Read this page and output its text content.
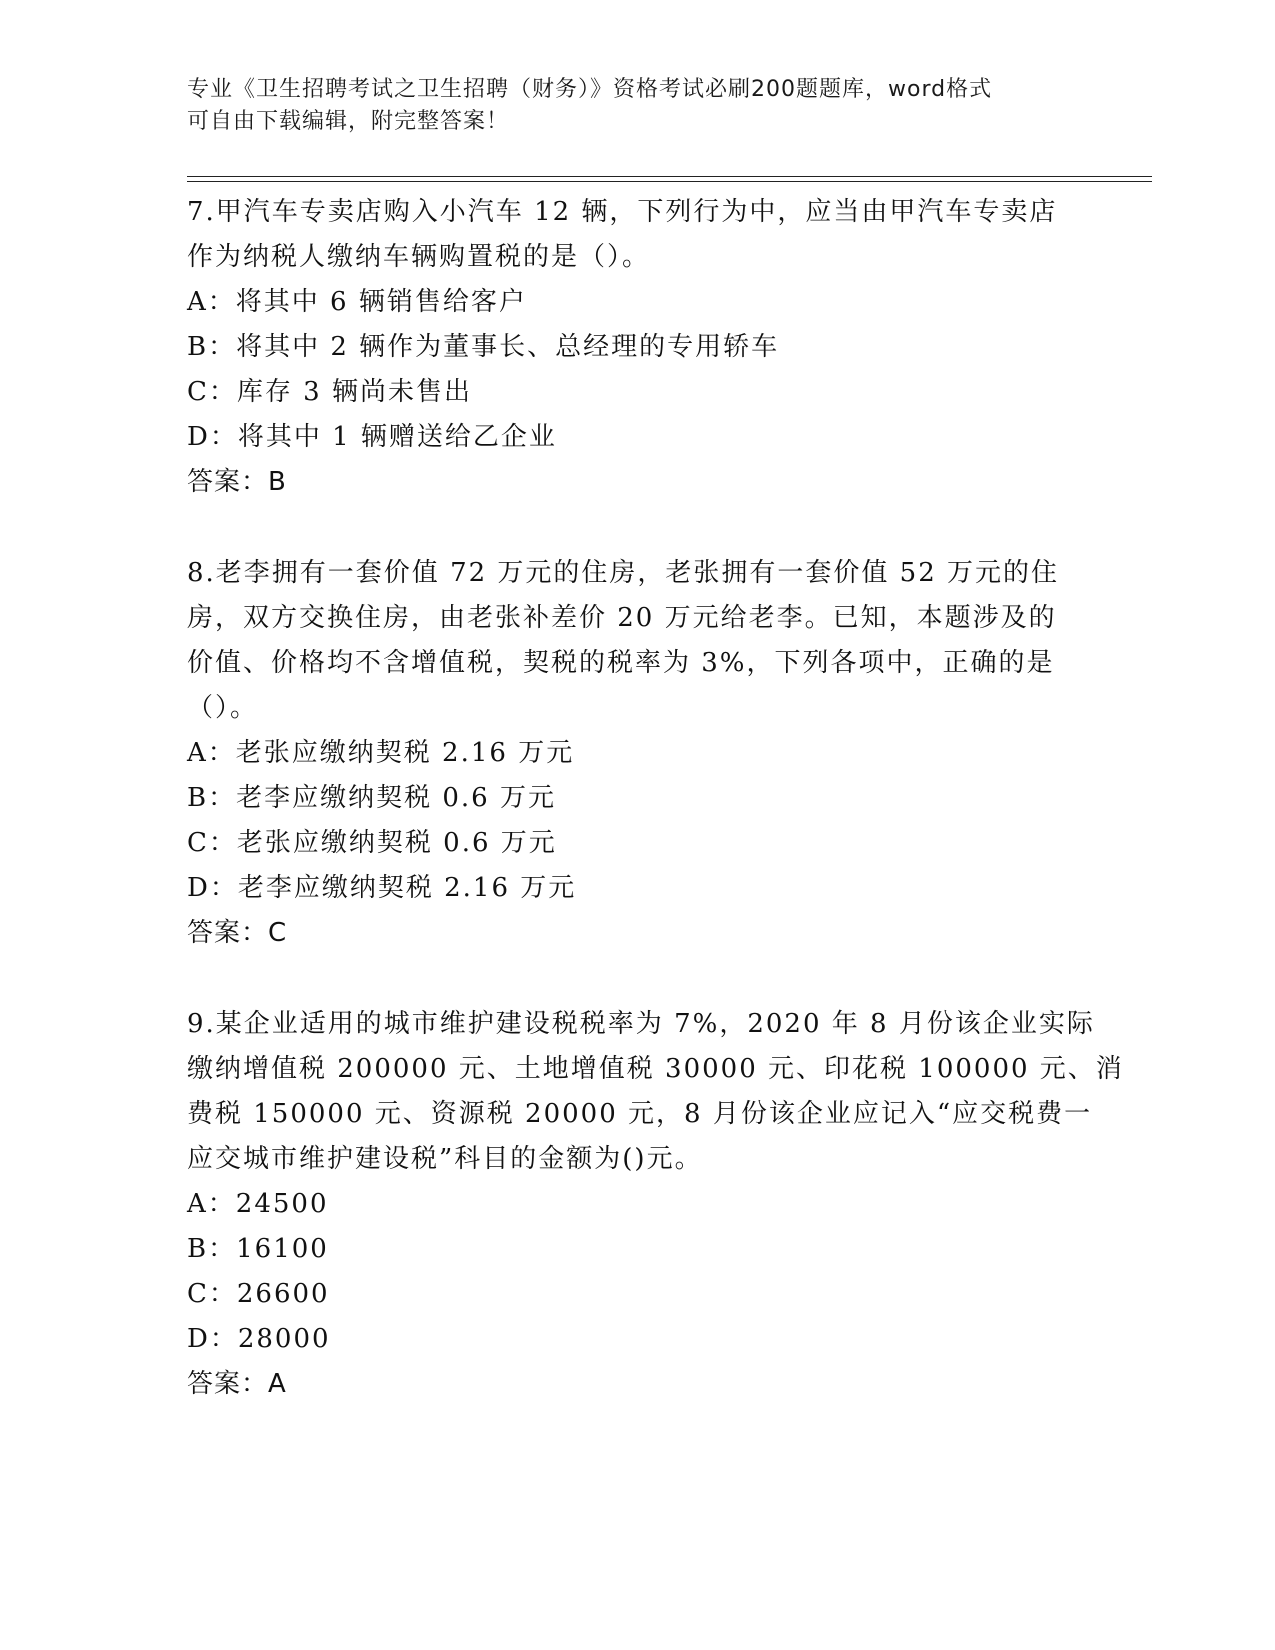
专业《卫生招聘考试之卫生招聘（财务）》资格考试必刷200题题库，word格式
可自由下载编辑，附完整答案！
7.甲汽车专卖店购入小汽车 12 辆，下列行为中，应当由甲汽车专卖店
作为纳税人缴纳车辆购置税的是（）。
A：将其中 6 辆销售给客户
B：将其中 2 辆作为董事长、总经理的专用轿车
C：库存 3 辆尚未售出
D：将其中 1 辆赠送给乙企业
答案：B
8.老李拥有一套价值 72 万元的住房，老张拥有一套价值 52 万元的住
房，双方交换住房，由老张补差价 20 万元给老李。已知，本题涉及的
价值、价格均不含增值税，契税的税率为 3%，下列各项中，正确的是
（）。
A：老张应缴纳契税 2.16 万元
B：老李应缴纳契税 0.6 万元
C：老张应缴纳契税 0.6 万元
D：老李应缴纳契税 2.16 万元
答案：C
9.某企业适用的城市维护建设税税率为 7%，2020 年 8 月份该企业实际
缴纳增值税 200000 元、土地增值税 30000 元、印花税 100000 元、消
费税 150000 元、资源税 20000 元，8 月份该企业应记入“应交税费一
应交城市维护建设税”科目的金额为()元。
A：24500
B：16100
C：26600
D：28000
答案：A
